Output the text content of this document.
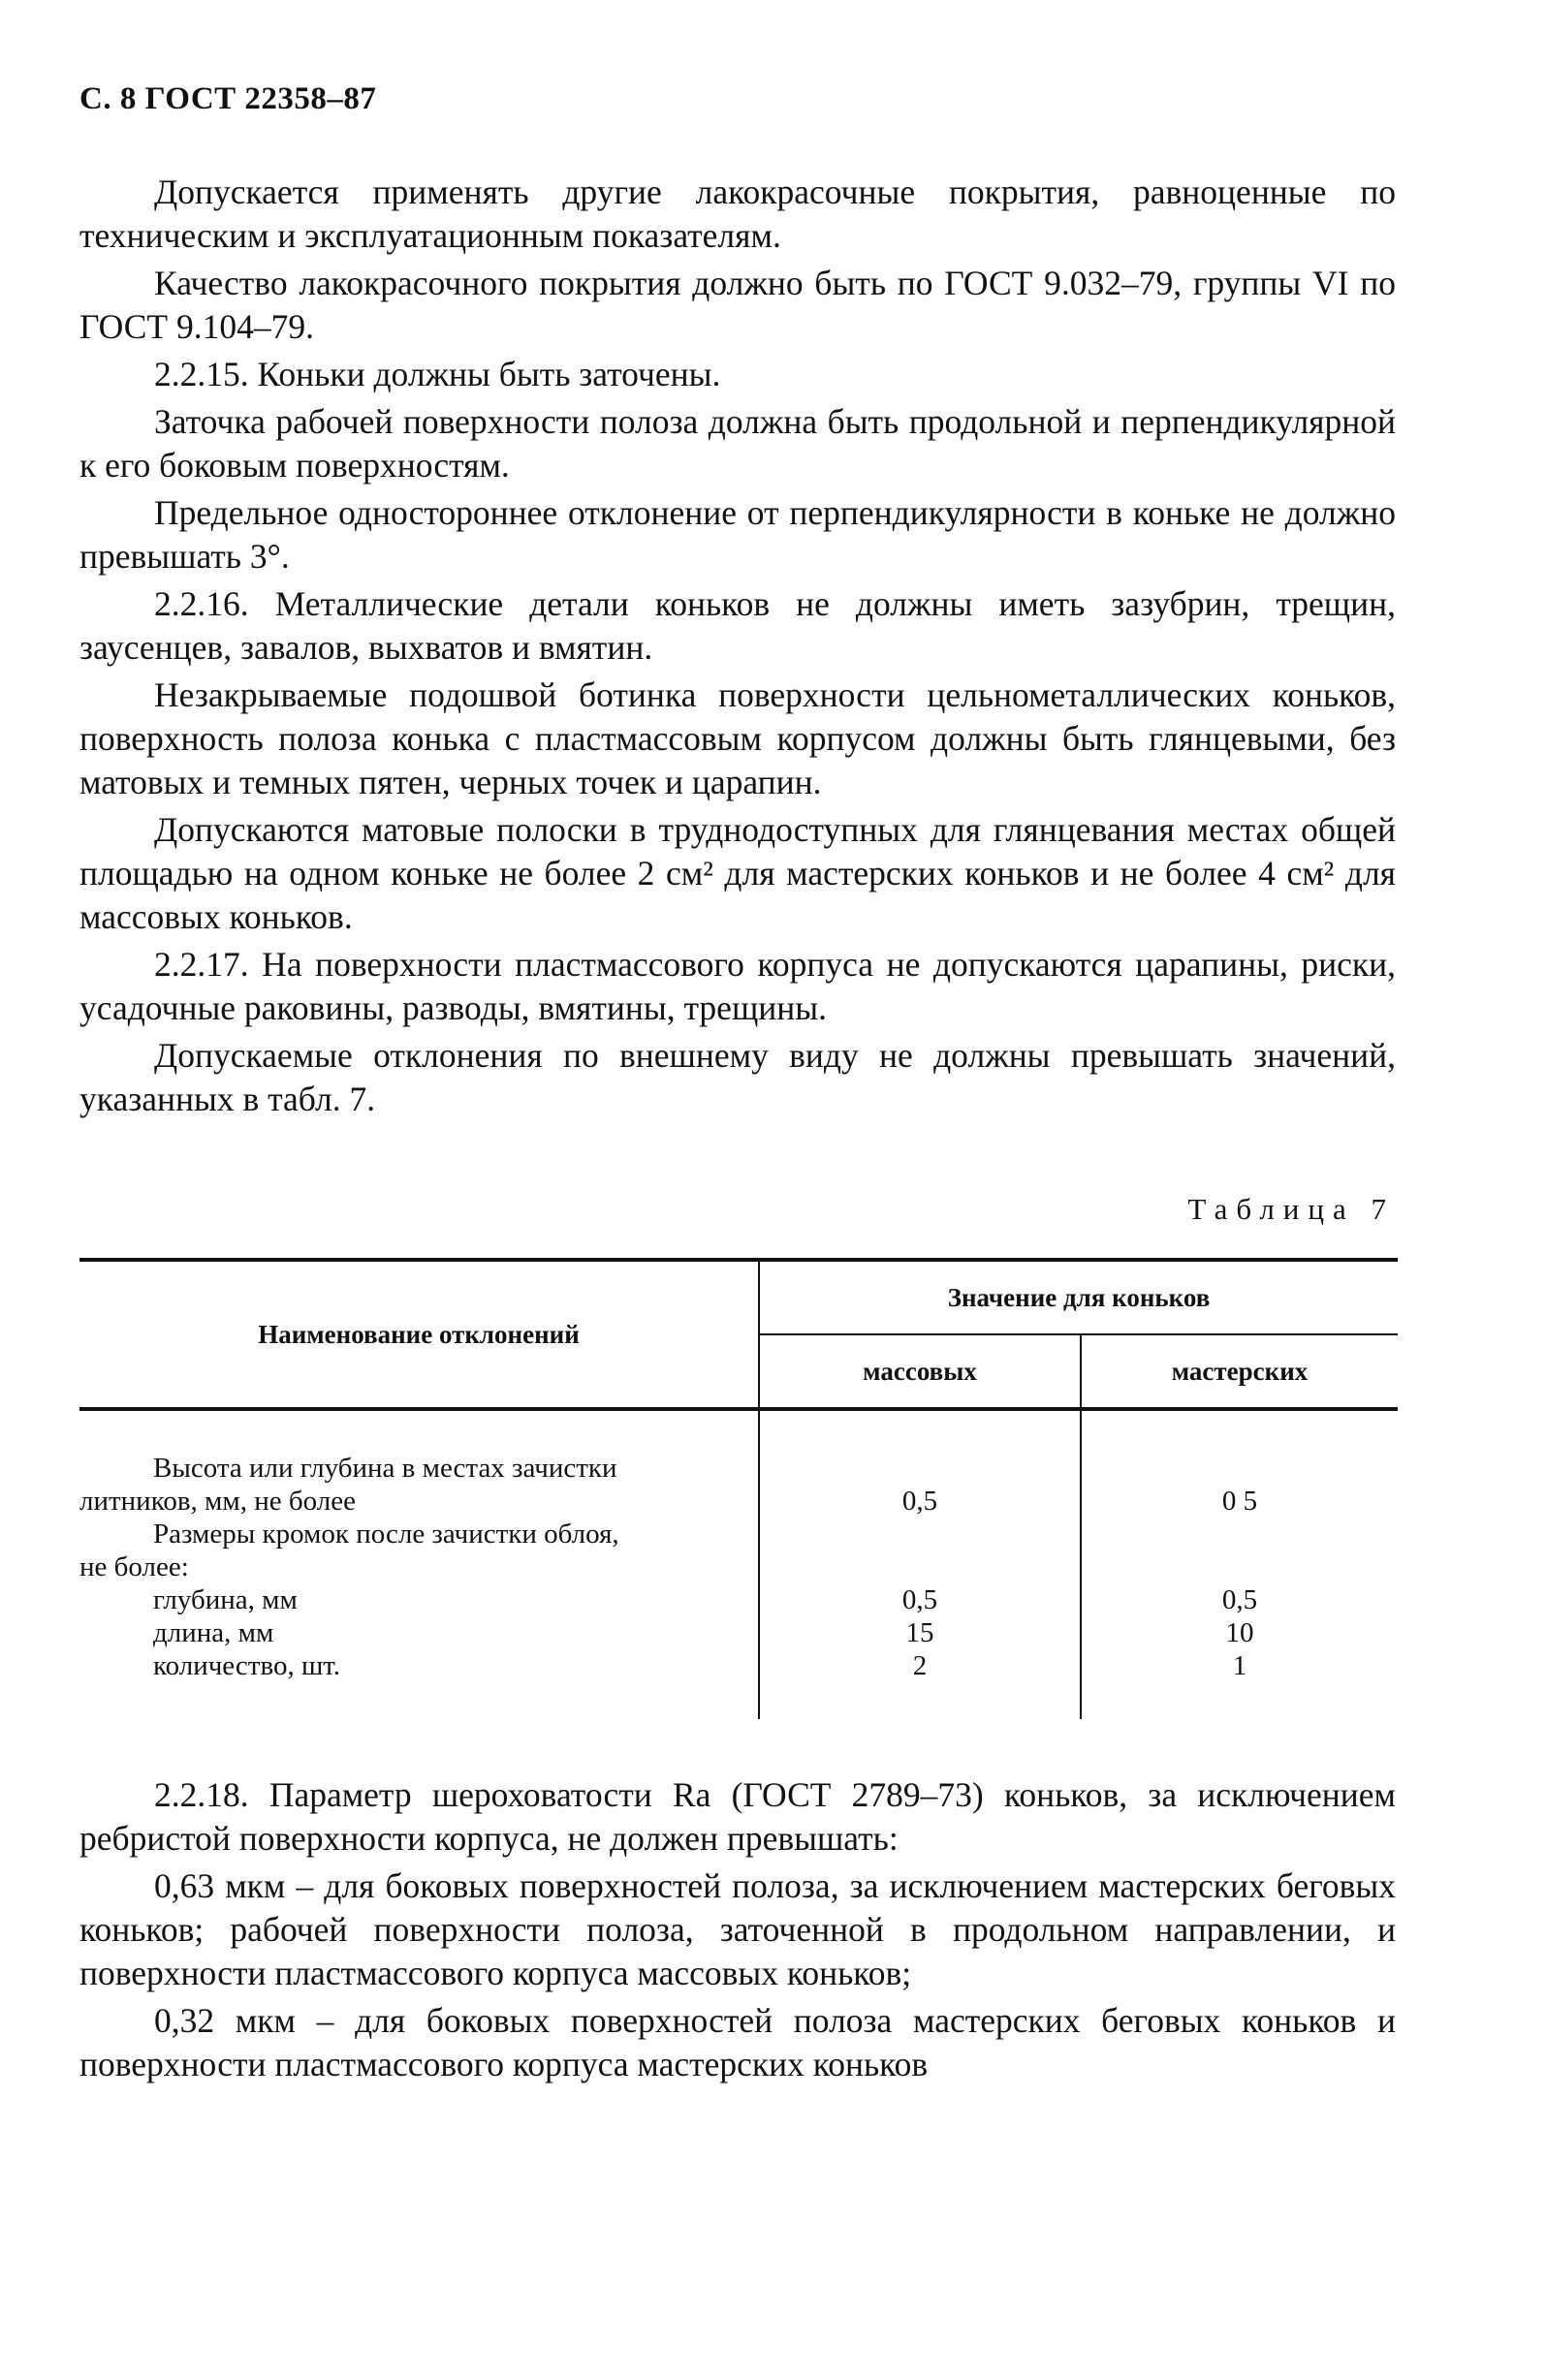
С. 8 ГОСТ 22358–87

Допускается применять другие лакокрасочные покрытия, равноценные по техническим и эксплуатационным показателям.

Качество лакокрасочного покрытия должно быть по ГОСТ 9.032–79, группы VI по ГОСТ 9.104–79.

2.2.15. Коньки должны быть заточены.

Заточка рабочей поверхности полоза должна быть продольной и перпендикулярной к его боковым поверхностям.

Предельное одностороннее отклонение от перпендикулярности в коньке не должно превышать 3°.

2.2.16. Металлические детали коньков не должны иметь зазубрин, трещин, заусенцев, завалов, выхватов и вмятин.

Незакрываемые подошвой ботинка поверхности цельнометаллических коньков, поверхность полоза конька с пластмассовым корпусом должны быть глянцевыми, без матовых и темных пятен, черных точек и царапин.

Допускаются матовые полоски в труднодоступных для глянцевания местах общей площадью на одном коньке не более 2 см² для мастерских коньков и не более 4 см² для массовых коньков.

2.2.17. На поверхности пластмассового корпуса не допускаются царапины, риски, усадочные раковины, разводы, вмятины, трещины.

Допускаемые отклонения по внешнему виду не должны превышать значений, указанных в табл. 7.

Таблица 7
Наименование отклонений	Значение для коньков	
	массовых	мастерских
Высота или глубина в местах зачистки
литников, мм, не более	0,5	0 5
Размеры кромок после зачистки облоя,
не более:		
глубина, мм	0,5	0,5
длина, мм	15	10
количество, шт.	2	1

2.2.18. Параметр шероховатости Ra (ГОСТ 2789–73) коньков, за исключением ребристой поверхности корпуса, не должен превышать:

0,63 мкм – для боковых поверхностей полоза, за исключением мастерских беговых коньков; рабочей поверхности полоза, заточенной в продольном направлении, и поверхности пластмассового корпуса массовых коньков;

0,32 мкм – для боковых поверхностей полоза мастерских беговых коньков и поверхности пластмассового корпуса мастерских коньков
